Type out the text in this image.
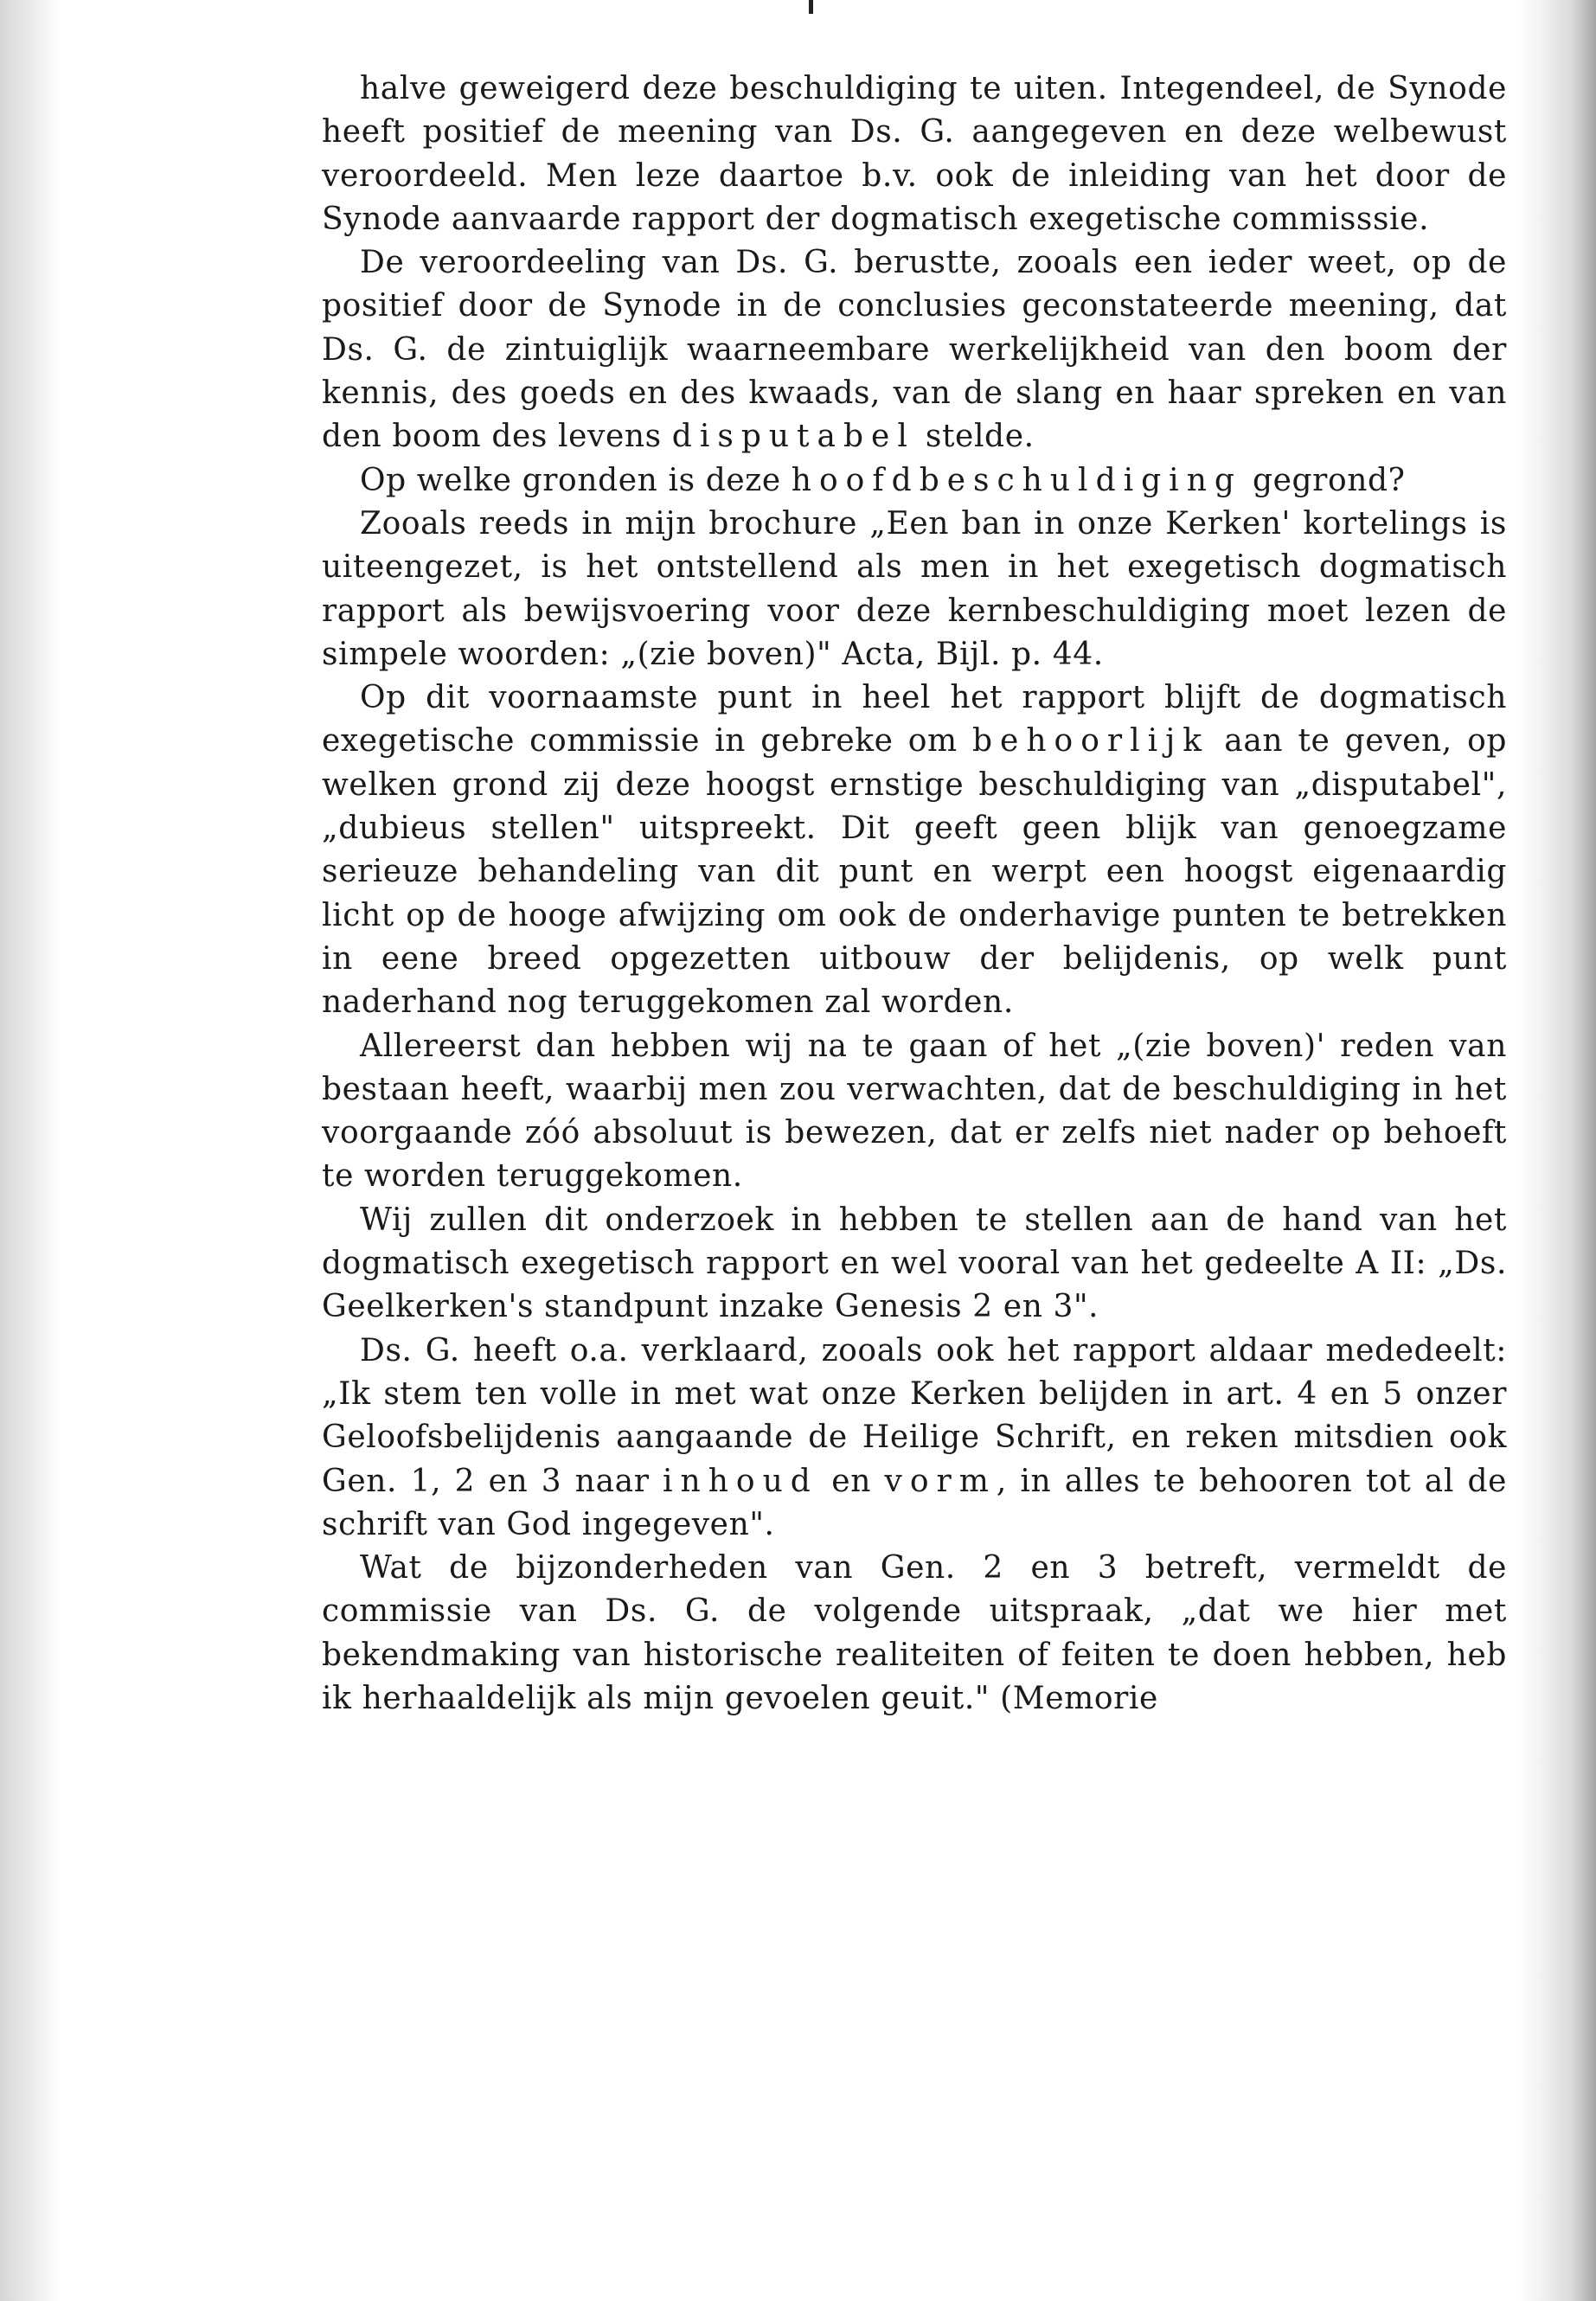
halve geweigerd deze beschuldiging te uiten. Integendeel, de Synode heeft positief de meening van Ds. G. aangegeven en deze welbewust veroordeeld. Men leze daartoe b.v. ook de inleiding van het door de Synode aanvaarde rapport der dogmatisch exegetische commisssie.

De veroordeeling van Ds. G. berustte, zooals een ieder weet, op de positief door de Synode in de conclusies geconstateerde meening, dat Ds. G. de zintuiglijk waarneembare werkelijkheid van den boom der kennis, des goeds en des kwaads, van de slang en haar spreken en van den boom des levens disputabel stelde.

Op welke gronden is deze hoofdbeschuldiging gegrond?

Zooals reeds in mijn brochure „Een ban in onze Kerken' kortelings is uiteengezet, is het ontstellend als men in het exegetisch dogmatisch rapport als bewijsvoering voor deze kernbeschuldiging moet lezen de simpele woorden: „(zie boven)" Acta, Bijl. p. 44.

Op dit voornaamste punt in heel het rapport blijft de dogmatisch exegetische commissie in gebreke om behoorlijk aan te geven, op welken grond zij deze hoogst ernstige beschuldiging van „disputabel", „dubieus stellen" uitspreekt. Dit geeft geen blijk van genoegzame serieuze behandeling van dit punt en werpt een hoogst eigenaardig licht op de hooge afwijzing om ook de onderhavige punten te betrekken in eene breed opgezetten uitbouw der belijdenis, op welk punt naderhand nog teruggekomen zal worden.

Allereerst dan hebben wij na te gaan of het „(zie boven)' reden van bestaan heeft, waarbij men zou verwachten, dat de beschuldiging in het voorgaande zóó absoluut is bewezen, dat er zelfs niet nader op behoeft te worden teruggekomen.

Wij zullen dit onderzoek in hebben te stellen aan de hand van het dogmatisch exegetisch rapport en wel vooral van het gedeelte A II: „Ds. Geelkerken's standpunt inzake Genesis 2 en 3".

Ds. G. heeft o.a. verklaard, zooals ook het rapport aldaar mededeelt: „Ik stem ten volle in met wat onze Kerken belijden in art. 4 en 5 onzer Geloofsbelijdenis aangaande de Heilige Schrift, en reken mitsdien ook Gen. 1, 2 en 3 naar inhoud en vorm, in alles te behooren tot al de schrift van God ingegeven".

Wat de bijzonderheden van Gen. 2 en 3 betreft, vermeldt de commissie van Ds. G. de volgende uitspraak, „dat we hier met bekendmaking van historische realiteiten of feiten te doen hebben, heb ik herhaaldelijk als mijn gevoelen geuit." (Memorie
